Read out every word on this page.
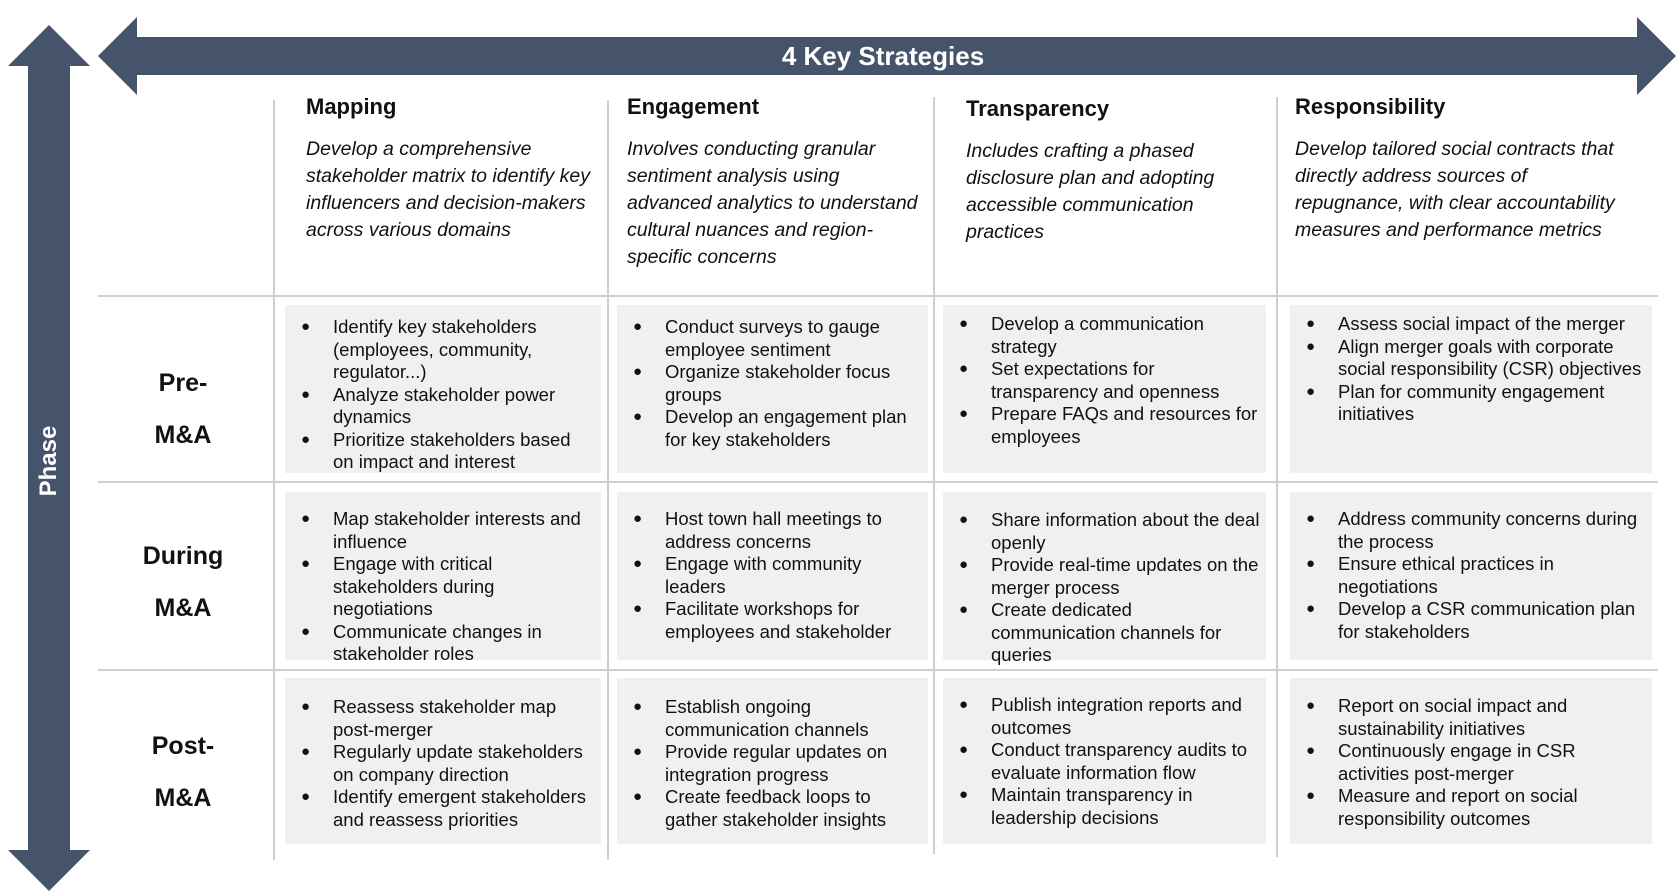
4 Key Strategies
Phase

Mapping

Develop a comprehensive stakeholder matrix to identify key influencers and decision-makers across various domains

Engagement

Involves conducting granular sentiment analysis using advanced analytics to understand cultural nuances and region-specific concerns

Transparency

Includes crafting a phased disclosure plan and adopting accessible communication practices

Responsibility

Develop tailored social contracts that directly address sources of repugnance, with clear accountability measures and performance metrics

Pre-
M&A
During
M&A
Post-
M&A
● Identify key stakeholders (employees, community, regulator...)
● Analyze stakeholder power dynamics
● Prioritize stakeholders based on impact and interest
● Conduct surveys to gauge employee sentiment
● Organize stakeholder focus groups
● Develop an engagement plan for key stakeholders
● Develop a communication strategy
● Set expectations for transparency and openness
● Prepare FAQs and resources for employees
● Assess social impact of the merger
● Align merger goals with corporate social responsibility (CSR) objectives
● Plan for community engagement initiatives
● Map stakeholder interests and influence
● Engage with critical stakeholders during negotiations
● Communicate changes in stakeholder roles
● Host town hall meetings to address concerns
● Engage with community leaders
● Facilitate workshops for employees and stakeholder
● Share information about the deal openly
● Provide real-time updates on the merger process
● Create dedicated communication channels for queries
● Address community concerns during the process
● Ensure ethical practices in negotiations
● Develop a CSR communication plan for stakeholders
● Reassess stakeholder map post-merger
● Regularly update stakeholders on company direction
● Identify emergent stakeholders and reassess priorities
● Establish ongoing communication channels
● Provide regular updates on integration progress
● Create feedback loops to gather stakeholder insights
● Publish integration reports and outcomes
● Conduct transparency audits to evaluate information flow
● Maintain transparency in leadership decisions
● Report on social impact and sustainability initiatives
● Continuously engage in CSR activities post-merger
● Measure and report on social responsibility outcomes
